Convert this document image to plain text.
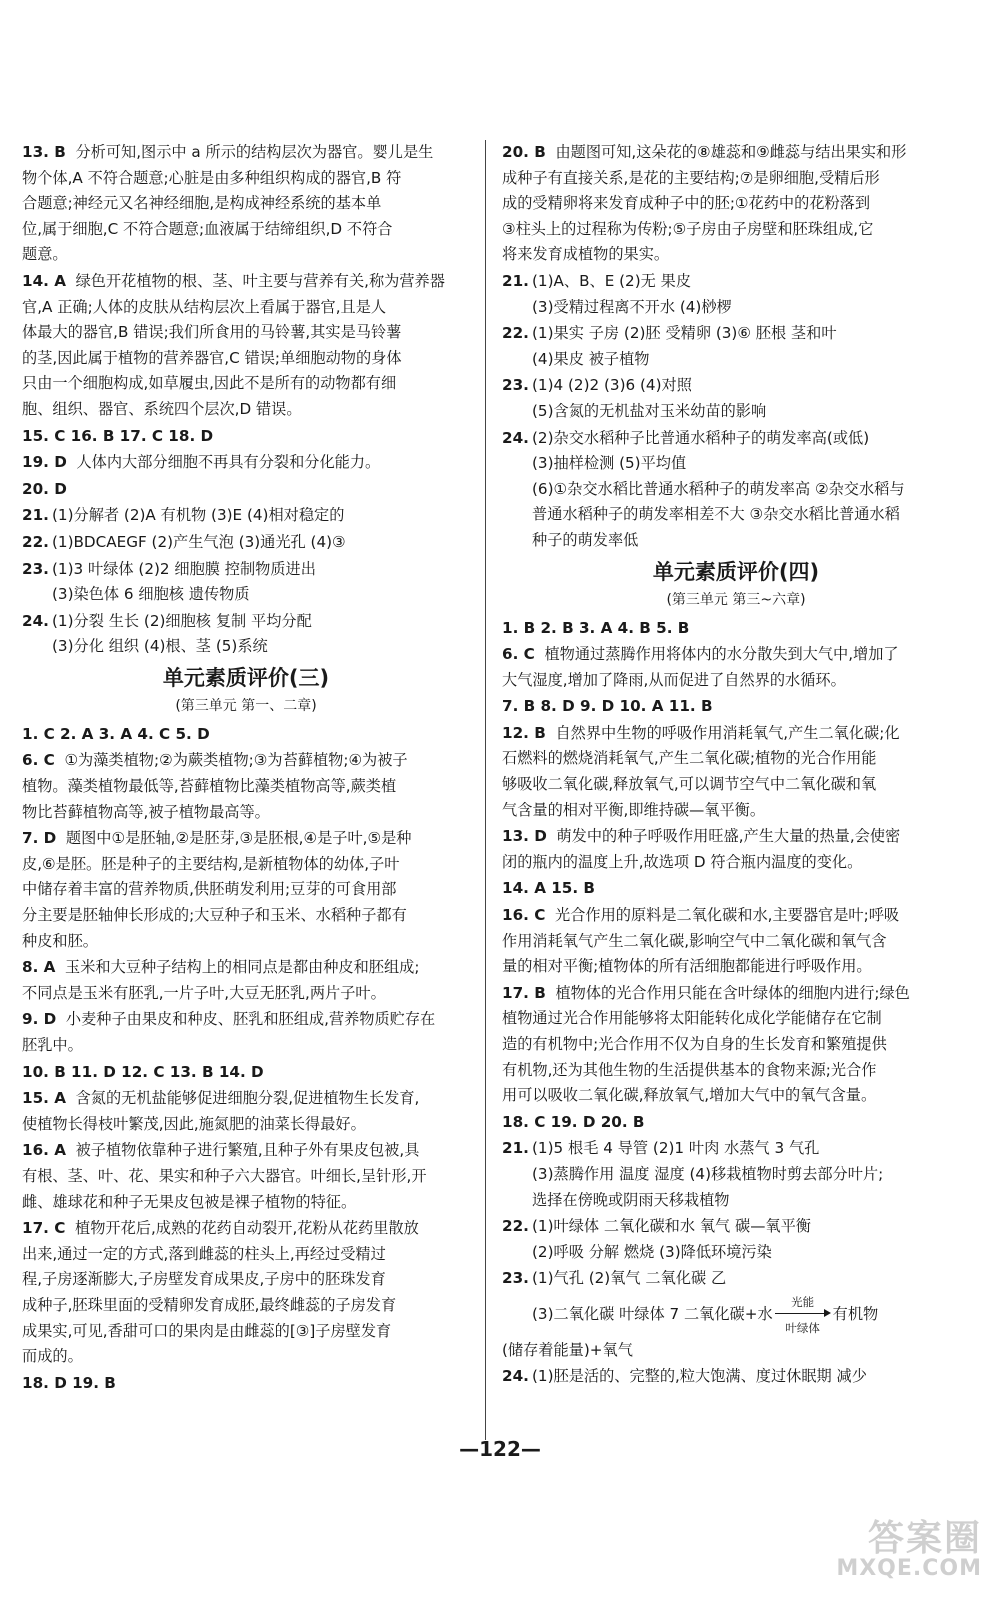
13. B 分析可知,图示中 a 所示的结构层次为器官。婴儿是生
物个体,A 不符合题意;心脏是由多种组织构成的器官,B 符
合题意;神经元又名神经细胞,是构成神经系统的基本单
位,属于细胞,C 不符合题意;血液属于结缔组织,D 不符合
题意。
14. A 绿色开花植物的根、茎、叶主要与营养有关,称为营养器
官,A 正确;人体的皮肤从结构层次上看属于器官,且是人
体最大的器官,B 错误;我们所食用的马铃薯,其实是马铃薯
的茎,因此属于植物的营养器官,C 错误;单细胞动物的身体
只由一个细胞构成,如草履虫,因此不是所有的动物都有细
胞、组织、器官、系统四个层次,D 错误。
15. C 16. B 17. C 18. D
19. D 人体内大部分细胞不再具有分裂和分化能力。
20. D
21. (1)分解者 (2)A 有机物 (3)E (4)相对稳定的
22. (1)BDCAEGF (2)产生气泡 (3)通光孔 (4)③
23. (1)3 叶绿体 (2)2 细胞膜 控制物质进出
(3)染色体 6 细胞核 遗传物质
24. (1)分裂 生长 (2)细胞核 复制 平均分配
(3)分化 组织 (4)根、茎 (5)系统
单元素质评价(三)
(第三单元 第一、二章)
1. C 2. A 3. A 4. C 5. D
6. C ①为藻类植物;②为蕨类植物;③为苔藓植物;④为被子
植物。藻类植物最低等,苔藓植物比藻类植物高等,蕨类植
物比苔藓植物高等,被子植物最高等。
7. D 题图中①是胚轴,②是胚芽,③是胚根,④是子叶,⑤是种
皮,⑥是胚。胚是种子的主要结构,是新植物体的幼体,子叶
中储存着丰富的营养物质,供胚萌发利用;豆芽的可食用部
分主要是胚轴伸长形成的;大豆种子和玉米、水稻种子都有
种皮和胚。
8. A 玉米和大豆种子结构上的相同点是都由种皮和胚组成;
不同点是玉米有胚乳,一片子叶,大豆无胚乳,两片子叶。
9. D 小麦种子由果皮和种皮、胚乳和胚组成,营养物质贮存在
胚乳中。
10. B 11. D 12. C 13. B 14. D
15. A 含氮的无机盐能够促进细胞分裂,促进植物生长发育,
使植物长得枝叶繁茂,因此,施氮肥的油菜长得最好。
16. A 被子植物依靠种子进行繁殖,且种子外有果皮包被,具
有根、茎、叶、花、果实和种子六大器官。叶细长,呈针形,开
雌、雄球花和种子无果皮包被是裸子植物的特征。
17. C 植物开花后,成熟的花药自动裂开,花粉从花药里散放
出来,通过一定的方式,落到雌蕊的柱头上,再经过受精过
程,子房逐渐膨大,子房壁发育成果皮,子房中的胚珠发育
成种子,胚珠里面的受精卵发育成胚,最终雌蕊的子房发育
成果实,可见,香甜可口的果肉是由雌蕊的[③]子房壁发育
而成的。
18. D 19. B
20. B 由题图可知,这朵花的⑧雄蕊和⑨雌蕊与结出果实和形
成种子有直接关系,是花的主要结构;⑦是卵细胞,受精后形
成的受精卵将来发育成种子中的胚;①花药中的花粉落到
③柱头上的过程称为传粉;⑤子房由子房壁和胚珠组成,它
将来发育成植物的果实。
21. (1)A、B、E (2)无 果皮
(3)受精过程离不开水 (4)桫椤
22. (1)果实 子房 (2)胚 受精卵 (3)⑥ 胚根 茎和叶
(4)果皮 被子植物
23. (1)4 (2)2 (3)6 (4)对照
(5)含氮的无机盐对玉米幼苗的影响
24. (2)杂交水稻种子比普通水稻种子的萌发率高(或低)
(3)抽样检测 (5)平均值
(6)①杂交水稻比普通水稻种子的萌发率高 ②杂交水稻与
普通水稻种子的萌发率相差不大 ③杂交水稻比普通水稻
种子的萌发率低
单元素质评价(四)
(第三单元 第三~六章)
1. B 2. B 3. A 4. B 5. B
6. C 植物通过蒸腾作用将体内的水分散失到大气中,增加了
大气湿度,增加了降雨,从而促进了自然界的水循环。
7. B 8. D 9. D 10. A 11. B
12. B 自然界中生物的呼吸作用消耗氧气,产生二氧化碳;化
石燃料的燃烧消耗氧气,产生二氧化碳;植物的光合作用能
够吸收二氧化碳,释放氧气,可以调节空气中二氧化碳和氧
气含量的相对平衡,即维持碳—氧平衡。
13. D 萌发中的种子呼吸作用旺盛,产生大量的热量,会使密
闭的瓶内的温度上升,故选项 D 符合瓶内温度的变化。
14. A 15. B
16. C 光合作用的原料是二氧化碳和水,主要器官是叶;呼吸
作用消耗氧气产生二氧化碳,影响空气中二氧化碳和氧气含
量的相对平衡;植物体的所有活细胞都能进行呼吸作用。
17. B 植物体的光合作用只能在含叶绿体的细胞内进行;绿色
植物通过光合作用能够将太阳能转化成化学能储存在它制
造的有机物中;光合作用不仅为自身的生长发育和繁殖提供
有机物,还为其他生物的生活提供基本的食物来源;光合作
用可以吸收二氧化碳,释放氧气,增加大气中的氧气含量。
18. C 19. D 20. B
21. (1)5 根毛 4 导管 (2)1 叶肉 水蒸气 3 气孔
(3)蒸腾作用 温度 湿度 (4)移栽植物时剪去部分叶片;
选择在傍晚或阴雨天移栽植物
22. (1)叶绿体 二氧化碳和水 氧气 碳—氧平衡
(2)呼吸 分解 燃烧 (3)降低环境污染
23. (1)气孔 (2)氧气 二氧化碳 乙
(3)二氧化碳 叶绿体 7 二氧化碳+水
光能
叶绿体
有机物
(储存着能量)+氧气
24. (1)胚是活的、完整的,粒大饱满、度过休眠期 减少
—122—
答案圈
MXQE.COM
